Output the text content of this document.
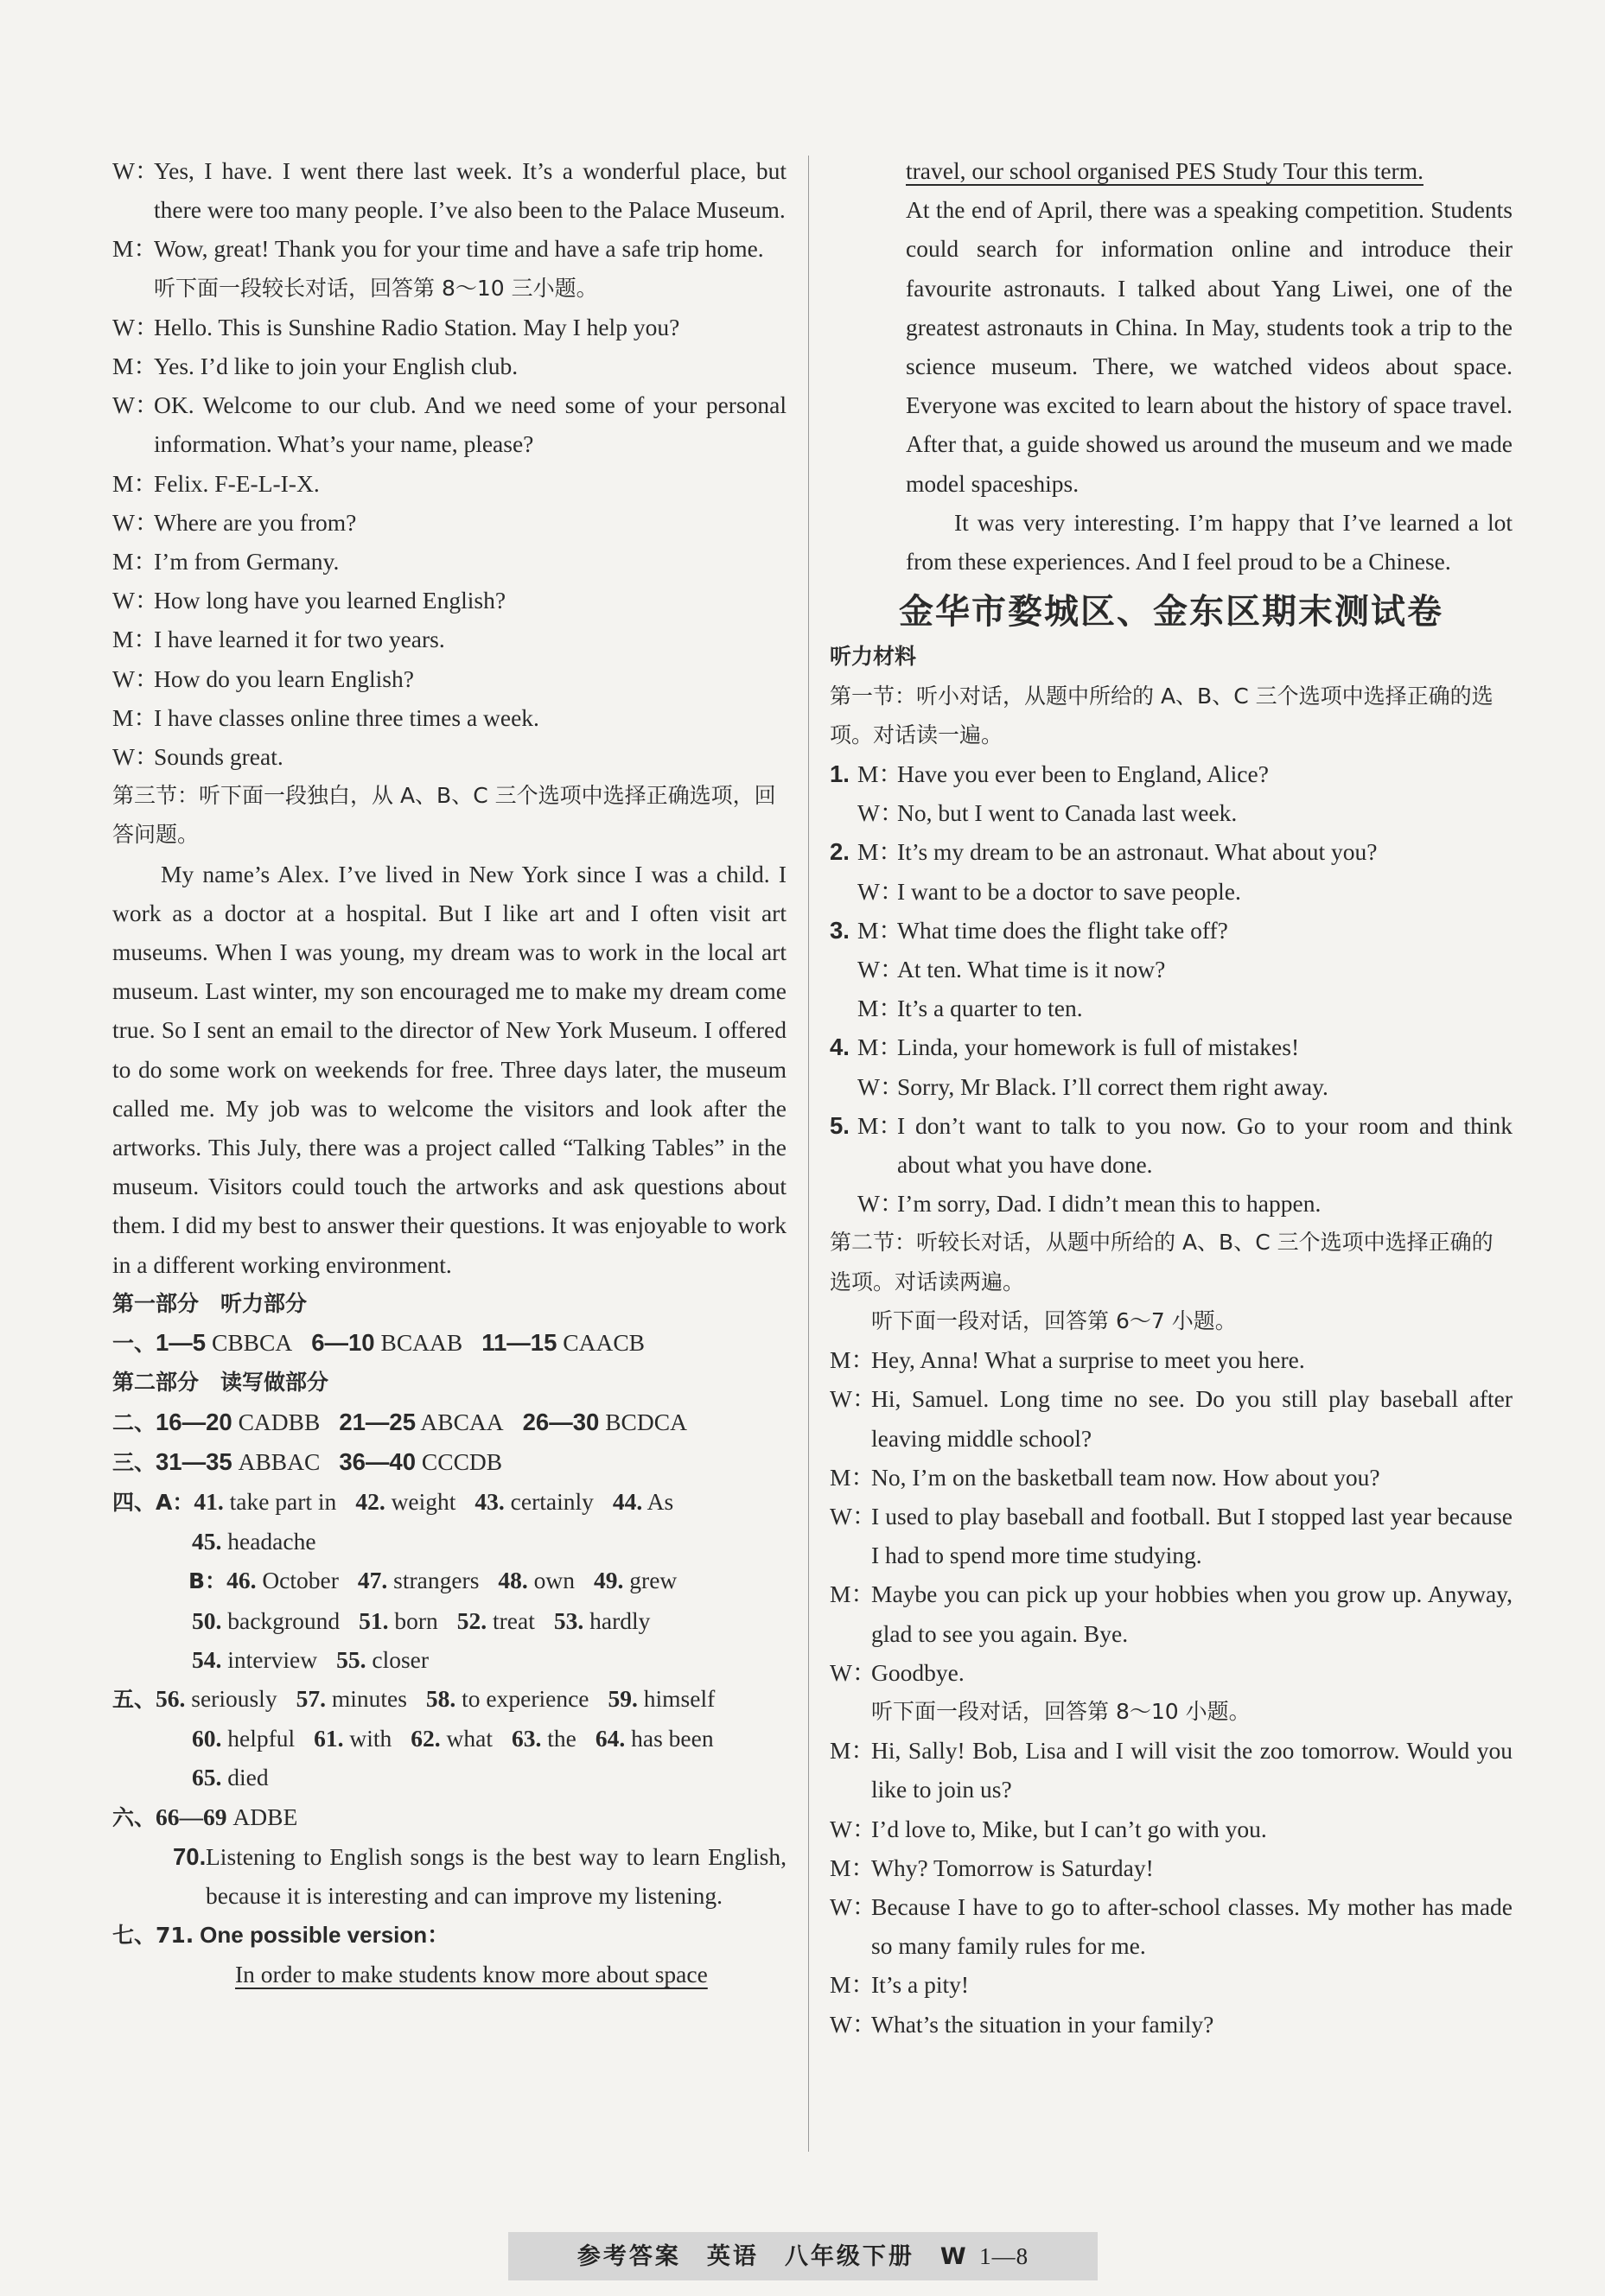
W：
Yes, I have. I went there last week. It’s a wonderful place, but there were too many people. I’ve also been to the Palace Museum.
M：
Wow, great! Thank you for your time and have a safe trip home.

听下面一段较长对话，回答第 8～10 三小题。

W：
Hello. This is Sunshine Radio Station. May I help you?
M：
Yes. I’d like to join your English club.
W：
OK. Welcome to our club. And we need some of your personal information. What’s your name, please?
M：
Felix. F-E-L-I-X.
W：
Where are you from?
M：
I’m from Germany.
W：
How long have you learned English?
M：
I have learned it for two years.
W：
How do you learn English?
M：
I have classes online three times a week.
W：
Sounds great.

第三节：听下面一段独白，从 A、B、C 三个选项中选择正确选项，回答问题。

My name’s Alex. I’ve lived in New York since I was a child. I work as a doctor at a hospital. But I like art and I often visit art museums. When I was young, my dream was to work in the local art museum. Last winter, my son encouraged me to make my dream come true. So I sent an email to the director of New York Museum. I offered to do some work on weekends for free. Three days later, the museum called me. My job was to welcome the visitors and look after the artworks. This July, there was a project called “Talking Tables” in the museum. Visitors could touch the artworks and ask questions about them. I did my best to answer their questions. It was enjoyable to work in a different working environment.

第一部分　听力部分

一、1—5 CBBCA 6—10 BCAAB 11—15 CAACB

第二部分　读写做部分

二、16—20 CADBB 21—25 ABCAA 26—30 BCDCA
三、31—35 ABBAC 36—40 CCCDB
四、A：41. take part in 42. weight 43. certainly 44. As
45. headache
B：46. October 47. strangers 48. own 49. grew
50. background 51. born 52. treat 53. hardly
54. interview 55. closer
五、56. seriously 57. minutes 58. to experience 59. himself
60. helpful 61. with 62. what 63. the 64. has been
65. died
六、66—69 ADBE
70. Listening to English songs is the best way to learn English, because it is interesting and can improve my listening.

七、71. One possible version：

In order to make students know more about space

travel, our school organised PES Study Tour this term.

At the end of April, there was a speaking competition. Students could search for information online and introduce their favourite astronauts. I talked about Yang Liwei, one of the greatest astronauts in China. In May, students took a trip to the science museum. There, we watched videos about space. Everyone was excited to learn about the history of space travel. After that, a guide showed us around the museum and we made model spaceships.

It was very interesting. I’m happy that I’ve learned a lot from these experiences. And I feel proud to be a Chinese.

金华市婺城区、金东区期末测试卷

听力材料

第一节：听小对话，从题中所给的 A、B、C 三个选项中选择正确的选项。对话读一遍。

1. M：
Have you ever been to England, Alice?
W：
No, but I went to Canada last week.
2. M：
It’s my dream to be an astronaut. What about you?
W：
I want to be a doctor to save people.
3. M：
What time does the flight take off?
W：
At ten. What time is it now?
M：
It’s a quarter to ten.
4. M：
Linda, your homework is full of mistakes!
W：
Sorry, Mr Black. I’ll correct them right away.
5. M：
I don’t want to talk to you now. Go to your room and think about what you have done.
W：
I’m sorry, Dad. I didn’t mean this to happen.

第二节：听较长对话，从题中所给的 A、B、C 三个选项中选择正确的选项。对话读两遍。

听下面一段对话，回答第 6～7 小题。

M：
Hey, Anna! What a surprise to meet you here.
W：
Hi, Samuel. Long time no see. Do you still play baseball after leaving middle school?
M：
No, I’m on the basketball team now. How about you?
W：
I used to play baseball and football. But I stopped last year because I had to spend more time studying.
M：
Maybe you can pick up your hobbies when you grow up. Anyway, glad to see you again. Bye.
W：
Goodbye.

听下面一段对话，回答第 8～10 小题。

M：
Hi, Sally! Bob, Lisa and I will visit the zoo tomorrow. Would you like to join us?
W：
I’d love to, Mike, but I can’t go with you.
M：
Why? Tomorrow is Saturday!
W：
Because I have to go to after-school classes. My mother has made so many family rules for me.
M：
It’s a pity!
W：
What’s the situation in your family?
参考答案　英语　八年级下册　W 1—8
